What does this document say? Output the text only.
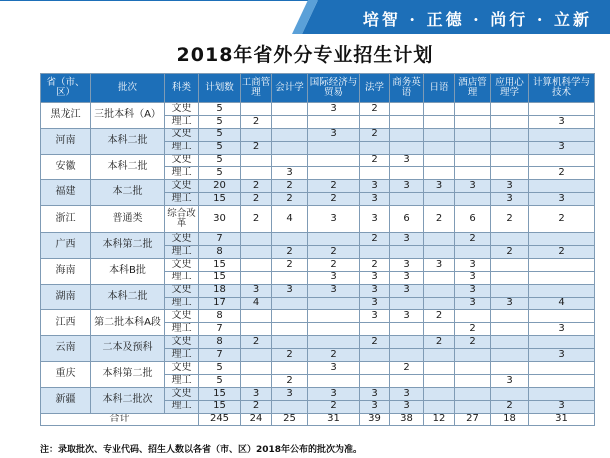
培智 · 正德 · 尚行 · 立新
2018年省外分专业招生计划
省（市、区）	批次	科类	计划数	工商管理	会计学	国际经济与贸易	法学	商务英语	日语	酒店管理	应用心理学	计算机科学与技术
黑龙江	三批本科（A）	文史	5			3	2					
		理工	5	2								3
河南	本科二批	文史	5			3	2					
		理工	5	2								3
安徽	本科二批	文史	5				2	3				
		理工	5		3							2
福建	本二批	文史	20	2	2	2	3	3	3	3	3	
		理工	15	2	2	2	3				3	3
浙江	普通类	综合改革	30	2	4	3	3	6	2	6	2	2
广西	本科第二批	文史	7				2	3		2		
		理工	8		2	2					2	2
海南	本科B批	文史	15		2	2	2	3	3	3		
		理工	15			3	3	3		3		
湖南	本科二批	文史	18	3	3	3	3	3		3		
		理工	17	4			3			3	3	4
江西	第二批本科A段	文史	8				3	3	2			
		理工	7							2		3
云南	二本及预科	文史	8	2			2		2	2		
		理工	7		2	2						3
重庆	本科第二批	文史	5			3		2				
		理工	5		2						3	
新疆	本科二批次	文史	15	3	3	3	3	3				
		理工	15	2		2	3	3			2	3
合计			245	24	25	31	39	38	12	27	18	31
注：录取批次、专业代码、招生人数以各省（市、区）2018年公布的批次为准。
